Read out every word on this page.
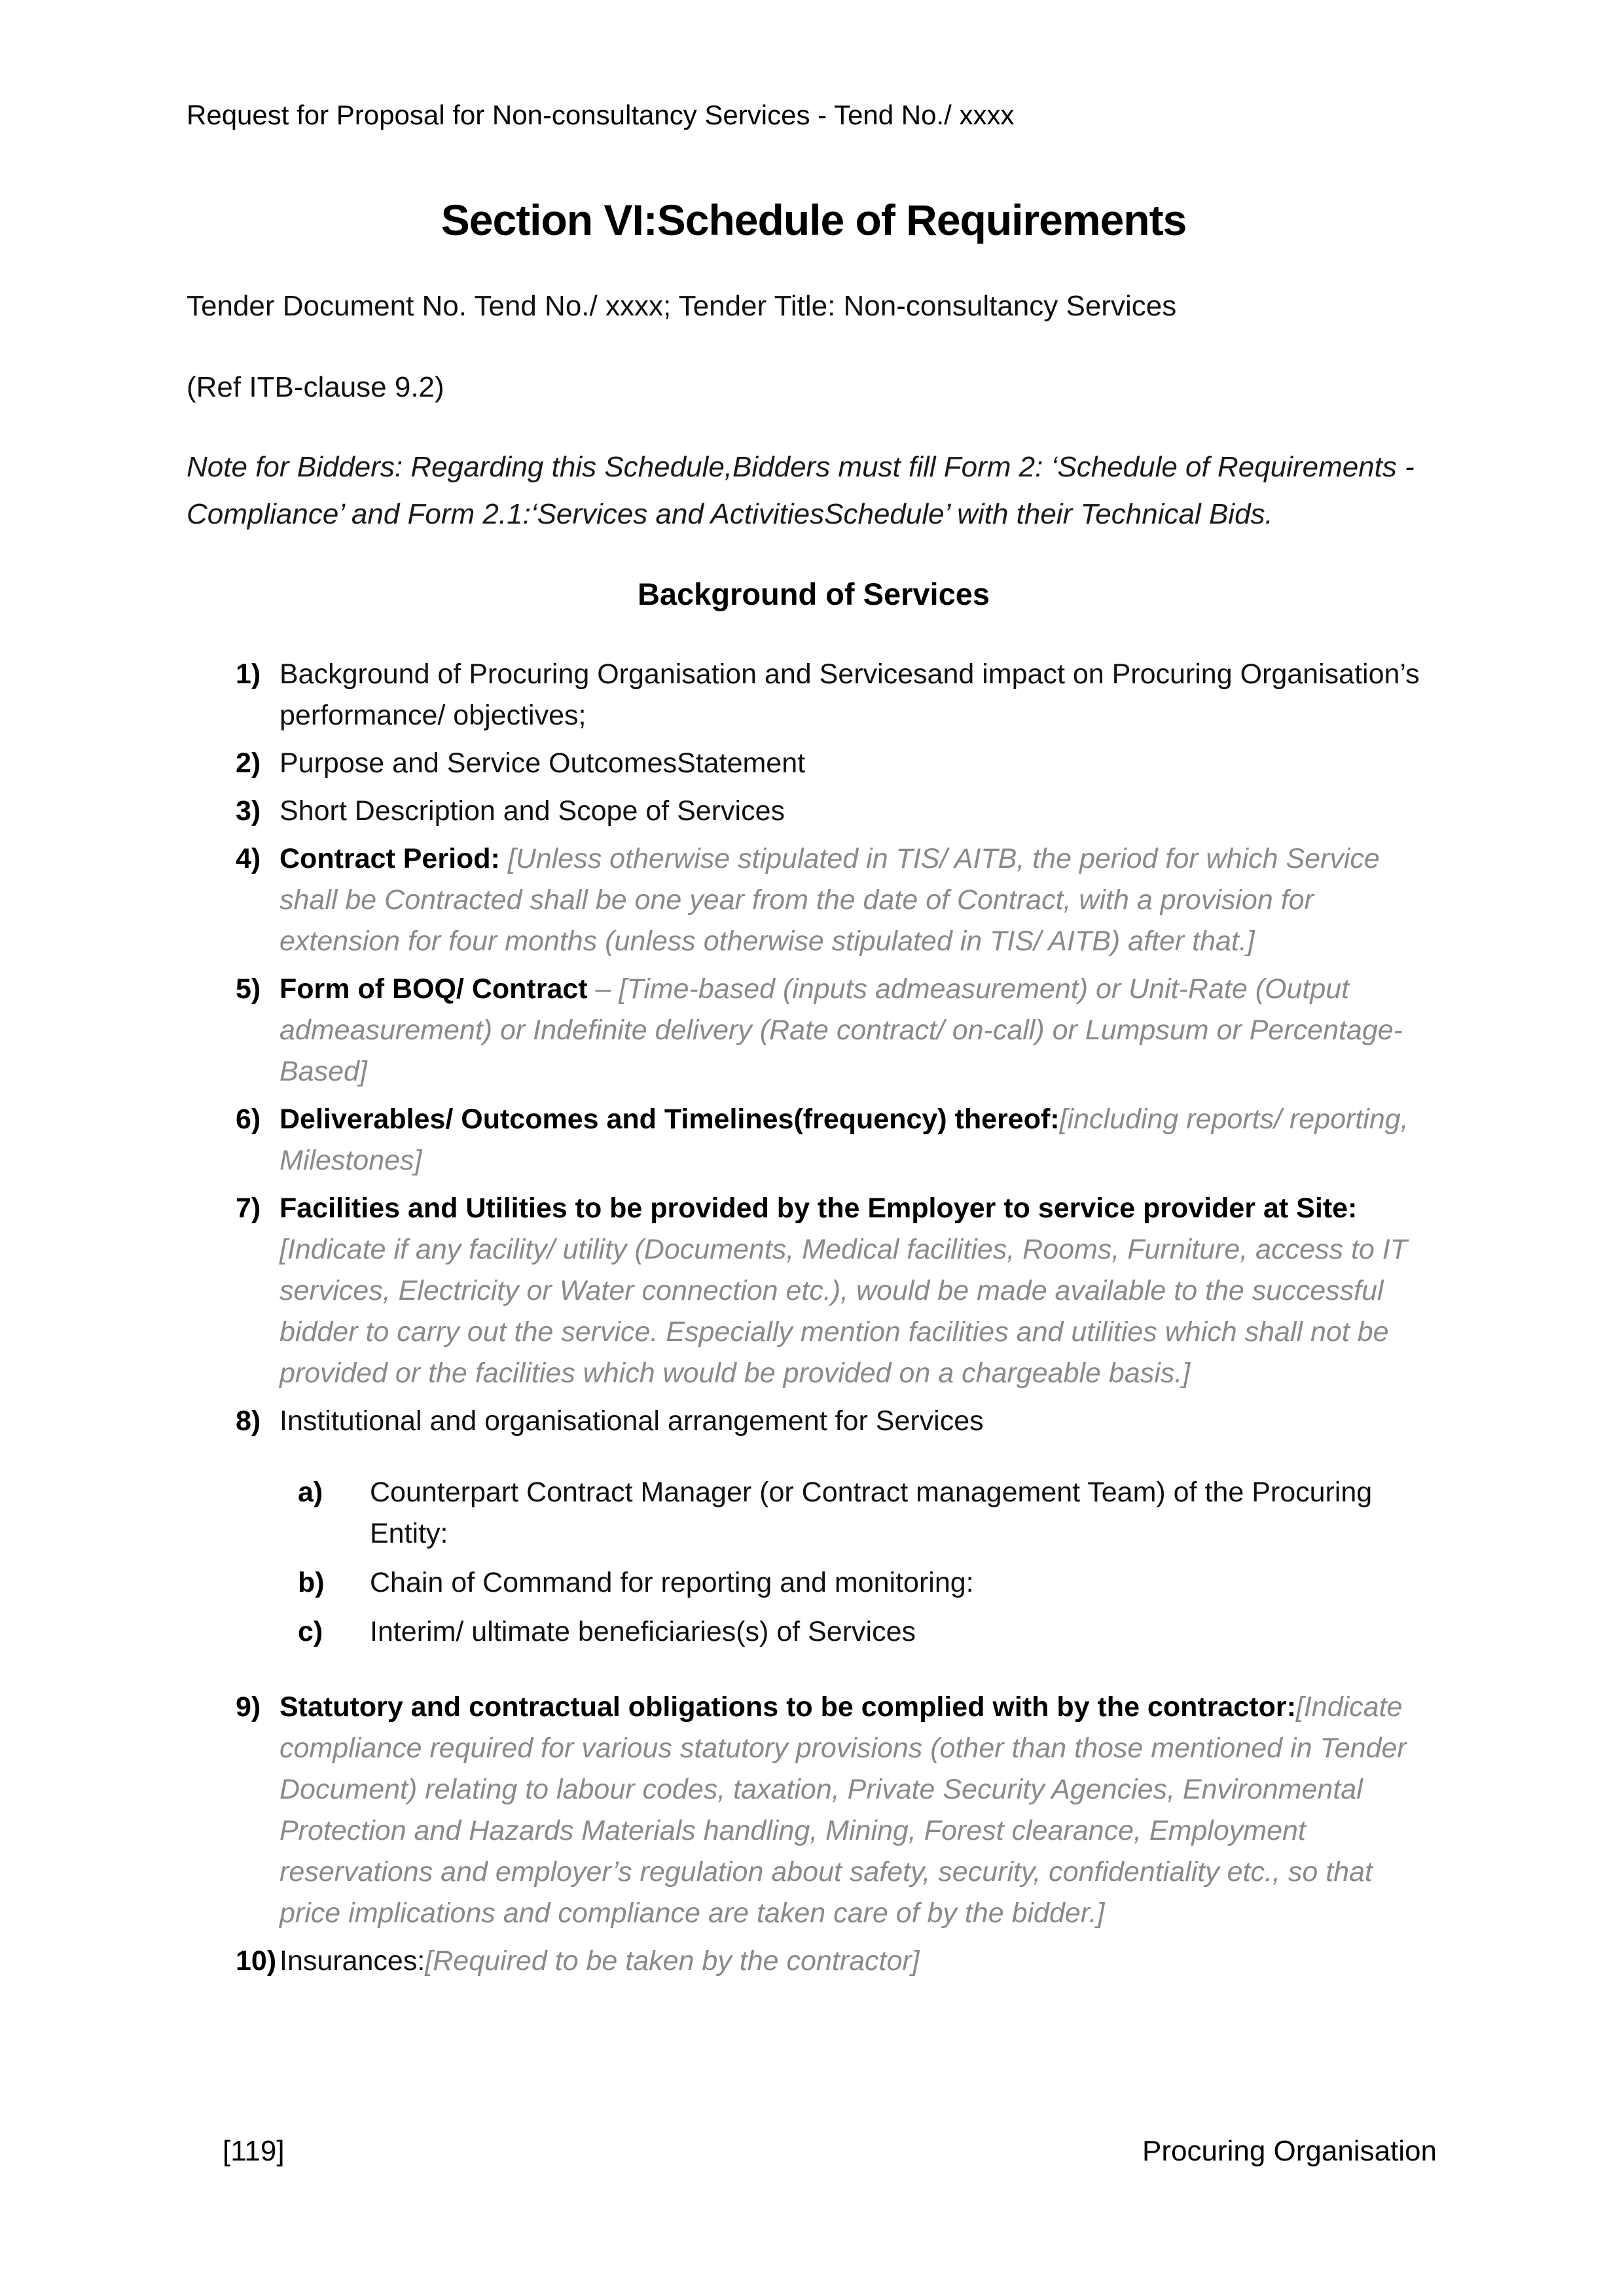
Request for Proposal for Non-consultancy Services - Tend No./ xxxx
Section VI:Schedule of Requirements
Tender Document No. Tend No./ xxxx; Tender Title: Non-consultancy Services
(Ref ITB-clause 9.2)
Note for Bidders: Regarding this Schedule,Bidders must fill Form 2: ‘Schedule of Requirements - Compliance’ and Form 2.1:‘Services and ActivitiesSchedule’ with their Technical Bids.
Background of Services
1) Background of Procuring Organisation and Servicesand impact on Procuring Organisation’s performance/ objectives;
2) Purpose and Service OutcomesStatement
3) Short Description and Scope of Services
4) Contract Period: [Unless otherwise stipulated in TIS/ AITB, the period for which Service shall be Contracted shall be one year from the date of Contract, with a provision for extension for four months (unless otherwise stipulated in TIS/ AITB) after that.]
5) Form of BOQ/ Contract – [Time-based (inputs admeasurement) or Unit-Rate (Output admeasurement) or Indefinite delivery (Rate contract/ on-call) or Lumpsum or Percentage-Based]
6) Deliverables/ Outcomes and Timelines(frequency) thereof:[including reports/ reporting, Milestones]
7) Facilities and Utilities to be provided by the Employer to service provider at Site: [Indicate if any facility/ utility (Documents, Medical facilities, Rooms, Furniture, access to IT services, Electricity or Water connection etc.), would be made available to the successful bidder to carry out the service. Especially mention facilities and utilities which shall not be provided or the facilities which would be provided on a chargeable basis.]
8) Institutional and organisational arrangement for Services
a)	Counterpart Contract Manager (or Contract management Team) of the Procuring Entity:
b)	Chain of Command for reporting and monitoring:
c)	Interim/ ultimate beneficiaries(s) of Services
9) Statutory and contractual obligations to be complied with by the contractor:[Indicate compliance required for various statutory provisions (other than those mentioned in Tender Document) relating to labour codes, taxation, Private Security Agencies, Environmental Protection and Hazards Materials handling, Mining, Forest clearance, Employment reservations and employer’s regulation about safety, security, confidentiality etc., so that price implications and compliance are taken care of by the bidder.]
10) Insurances:[Required to be taken by the contractor]
[119]	Procuring Organisation
